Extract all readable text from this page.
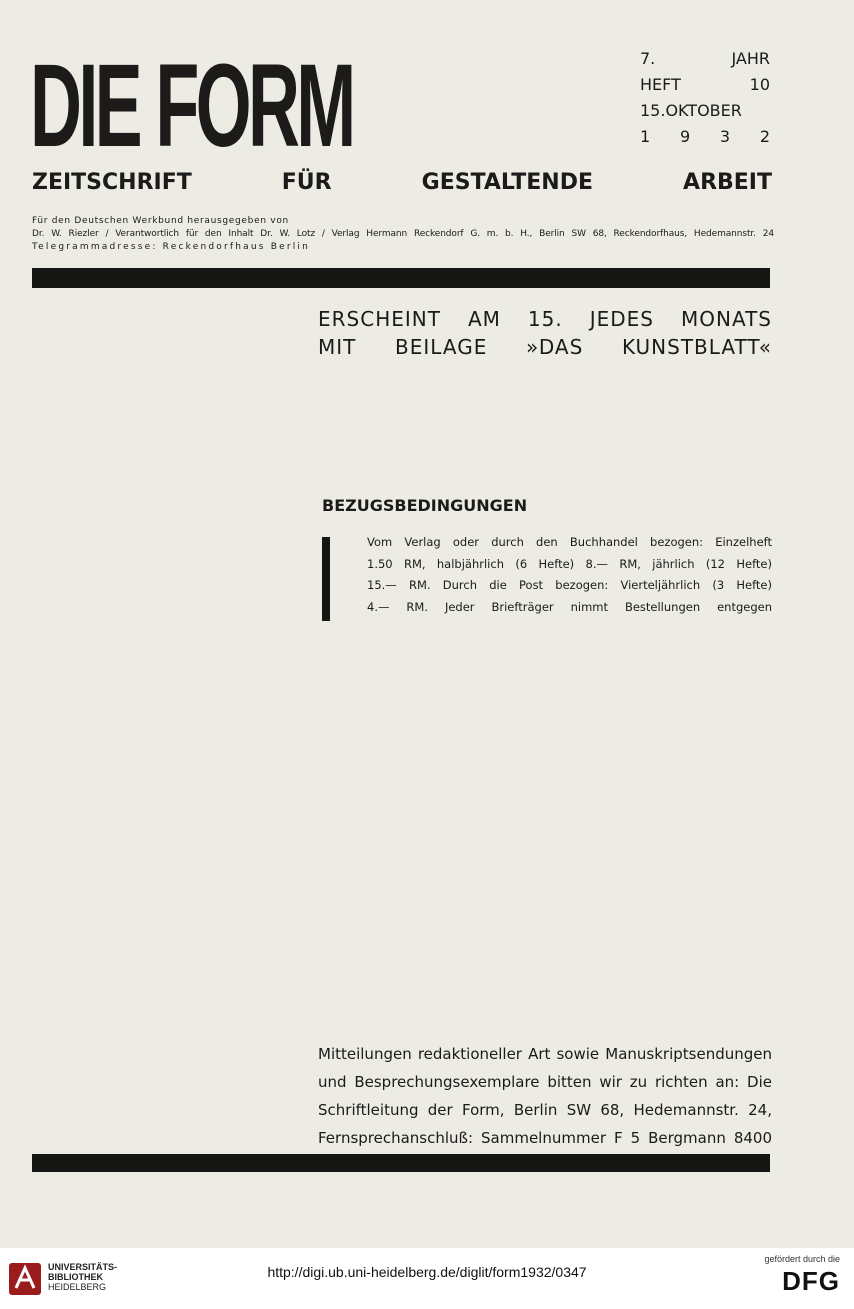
DIE FORM	7. JAHR
HEFT 10
15.OKTOBER
1 9 3 2
ZEITSCHRIFT FÜR GESTALTENDE ARBEIT
Für den Deutschen Werkbund herausgegeben von
Dr. W. Riezler / Verantwortlich für den Inhalt Dr. W. Lotz / Verlag Hermann Reckendorf G. m. b. H., Berlin SW 68, Reckendorfhaus, Hedemannstr. 24
Telegrammadresse: Reckendorfhaus Berlin
ERSCHEINT AM 15. JEDES MONATS
MIT BEILAGE »DAS KUNSTBLATT«
BEZUGSBEDINGUNGEN
Vom Verlag oder durch den Buchhandel bezogen: Einzelheft
1.50 RM, halbjährlich (6 Hefte) 8.— RM, jährlich (12 Hefte)
15.— RM. Durch die Post bezogen: Vierteljährlich (3 Hefte)
4.— RM. Jeder Briefträger nimmt Bestellungen entgegen
Mitteilungen redaktioneller Art sowie Manuskriptsendungen
und Besprechungsexemplare bitten wir zu richten an: Die
Schriftleitung der Form, Berlin SW 68, Hedemannstr. 24,
Fernsprechanschluß: Sammelnummer F 5 Bergmann 8400
UNIVERSITÄTS-
BIBLIOTHEK
HEIDELBERG
http://digi.ub.uni-heidelberg.de/diglit/form1932/0347
gefördert durch die
DFG
